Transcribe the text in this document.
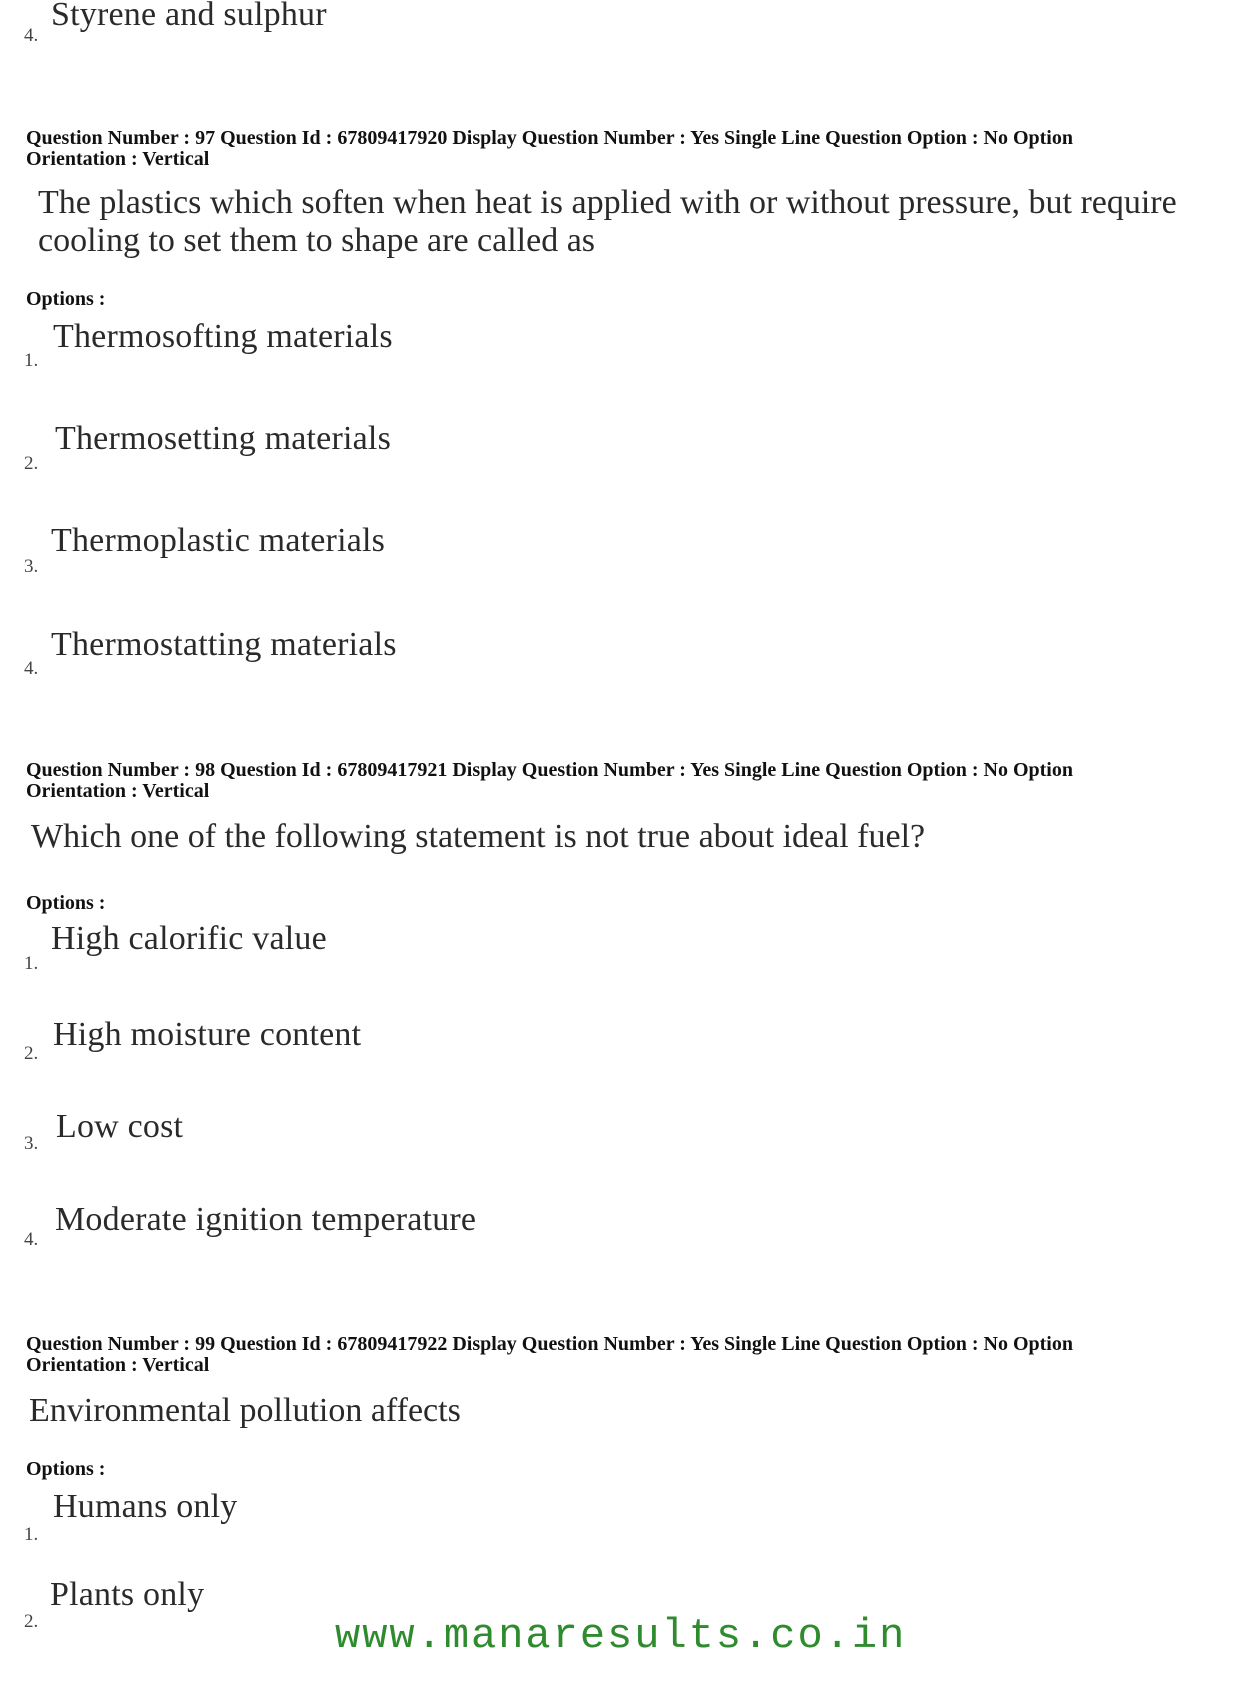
4.
Styrene and sulphur
Question Number : 97 Question Id : 67809417920 Display Question Number : Yes Single Line Question Option : No Option
Orientation : Vertical
The plastics which soften when heat is applied with or without pressure, but require
cooling to set them to shape are called as
Options :
1.
Thermosofting materials
2.
Thermosetting materials
3.
Thermoplastic materials
4.
Thermostatting materials
Question Number : 98 Question Id : 67809417921 Display Question Number : Yes Single Line Question Option : No Option
Orientation : Vertical
Which one of the following statement is not true about ideal fuel?
Options :
1.
High calorific value
2.
High moisture content
3. Low cost
4.
Moderate ignition temperature
Question Number : 99 Question Id : 67809417922 Display Question Number : Yes Single Line Question Option : No Option
Orientation : Vertical
Environmental pollution affects
Options :
1.
Humans only
2.
Plants only
www.manaresults.co.in
